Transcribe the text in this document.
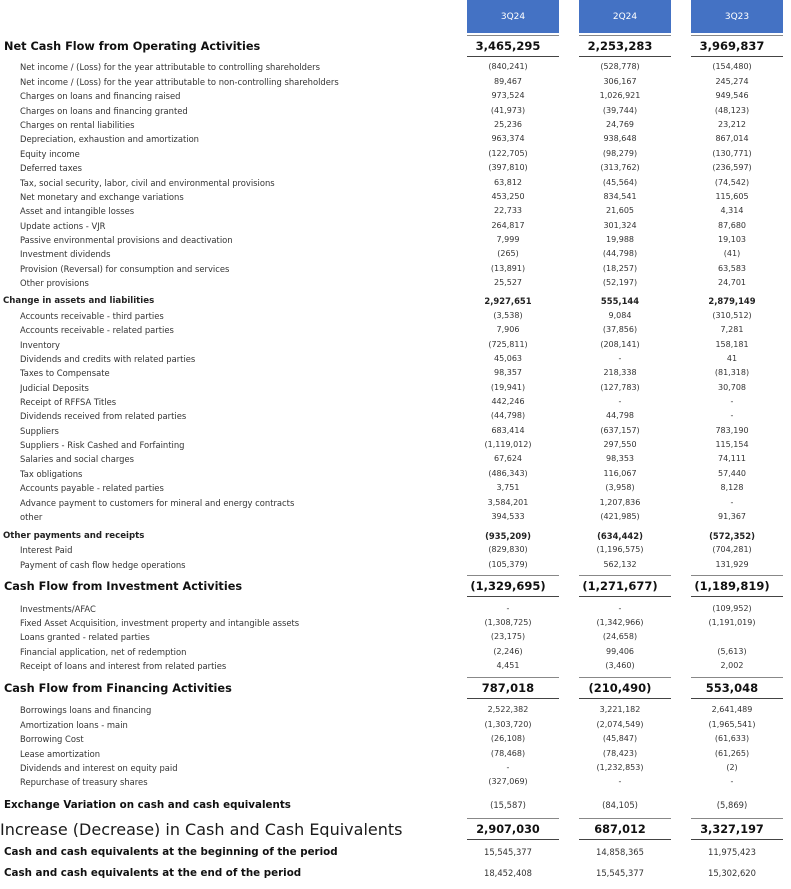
3Q24	2Q24	3Q23
Net Cash Flow from Operating Activities	3,465,295	2,253,283	3,969,837
Net income / (Loss) for the year attributable to controlling shareholders	(840,241)	(528,778)	(154,480)
Net income / (Loss) for the year attributable to non-controlling shareholders	89,467	306,167	245,274
Charges on loans and financing raised	973,524	1,026,921	949,546
Charges on loans and financing granted	(41,973)	(39,744)	(48,123)
Charges on rental liabilities	25,236	24,769	23,212
Depreciation, exhaustion and amortization	963,374	938,648	867,014
Equity income	(122,705)	(98,279)	(130,771)
Deferred taxes	(397,810)	(313,762)	(236,597)
Tax, social security, labor, civil and environmental provisions	63,812	(45,564)	(74,542)
Net monetary and exchange variations	453,250	834,541	115,605
Asset and intangible losses	22,733	21,605	4,314
Update actions - VJR	264,817	301,324	87,680
Passive environmental provisions and deactivation	7,999	19,988	19,103
Investment dividends	(265)	(44,798)	(41)
Provision (Reversal) for consumption and services	(13,891)	(18,257)	63,583
Other provisions	25,527	(52,197)	24,701
Change in assets and liabilities	2,927,651	555,144	2,879,149
Accounts receivable - third parties	(3,538)	9,084	(310,512)
Accounts receivable - related parties	7,906	(37,856)	7,281
Inventory	(725,811)	(208,141)	158,181
Dividends and credits with related parties	45,063	-	41
Taxes to Compensate	98,357	218,338	(81,318)
Judicial Deposits	(19,941)	(127,783)	30,708
Receipt of RFFSA Titles	442,246	-	-
Dividends received from related parties	(44,798)	44,798	-
Suppliers	683,414	(637,157)	783,190
Suppliers - Risk Cashed and Forfainting	(1,119,012)	297,550	115,154
Salaries and social charges	67,624	98,353	74,111
Tax obligations	(486,343)	116,067	57,440
Accounts payable - related parties	3,751	(3,958)	8,128
Advance payment to customers for mineral and energy contracts	3,584,201	1,207,836	-
other	394,533	(421,985)	91,367
Other payments and receipts	(935,209)	(634,442)	(572,352)
Interest Paid	(829,830)	(1,196,575)	(704,281)
Payment of cash flow hedge operations	(105,379)	562,132	131,929
Cash Flow from Investment Activities	(1,329,695)	(1,271,677)	(1,189,819)
Investments/AFAC	-	-	(109,952)
Fixed Asset Acquisition, investment property and intangible assets	(1,308,725)	(1,342,966)	(1,191,019)
Loans granted - related parties	(23,175)	(24,658)
Financial application, net of redemption	(2,246)	99,406	(5,613)
Receipt of loans and interest from related parties	4,451	(3,460)	2,002
Cash Flow from Financing Activities	787,018	(210,490)	553,048
Borrowings loans and financing	2,522,382	3,221,182	2,641,489
Amortization loans - main	(1,303,720)	(2,074,549)	(1,965,541)
Borrowing Cost	(26,108)	(45,847)	(61,633)
Lease amortization	(78,468)	(78,423)	(61,265)
Dividends and interest on equity paid	-	(1,232,853)	(2)
Repurchase of treasury shares	(327,069)	-	-
Exchange Variation on cash and cash equivalents	(15,587)	(84,105)	(5,869)
Increase (Decrease) in Cash and Cash Equivalents	2,907,030	687,012	3,327,197
Cash and cash equivalents at the beginning of the period	15,545,377	14,858,365	11,975,423
Cash and cash equivalents at the end of the period	18,452,408	15,545,377	15,302,620
